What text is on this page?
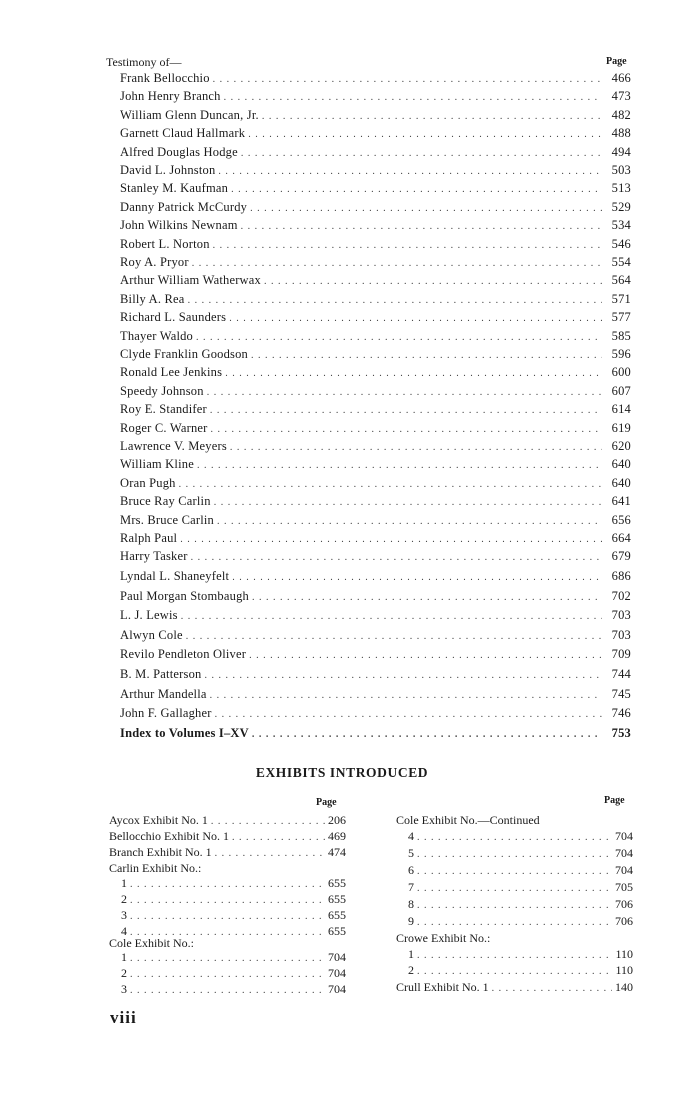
Testimony of—	Page
Frank Bellocchio . . .	466
John Henry Branch . . .	473
William Glenn Duncan, Jr. . . .	482
Garnett Claud Hallmark . . .	488
Alfred Douglas Hodge . . .	494
David L. Johnston . . .	503
Stanley M. Kaufman . . .	513
Danny Patrick McCurdy . . .	529
John Wilkins Newnam . . .	534
Robert L. Norton . . .	546
Roy A. Pryor . . .	554
Arthur William Watherwax . . .	564
Billy A. Rea . . .	571
Richard L. Saunders . . .	577
Thayer Waldo . . .	585
Clyde Franklin Goodson . . .	596
Ronald Lee Jenkins . . .	600
Speedy Johnson . . .	607
Roy E. Standifer . . .	614
Roger C. Warner . . .	619
Lawrence V. Meyers . . .	620
William Kline . . .	640
Oran Pugh . . .	640
Bruce Ray Carlin . . .	641
Mrs. Bruce Carlin . . .	656
Ralph Paul . . .	664
Harry Tasker . . .	679
Lyndal L. Shaneyfelt . . .	686
Paul Morgan Stombaugh . . .	702
L. J. Lewis . . .	703
Alwyn Cole . . .	703
Revilo Pendleton Oliver . . .	709
B. M. Patterson . . .	744
Arthur Mandella . . .	745
John F. Gallagher . . .	746
Index to Volumes I–XV . . .	753
EXHIBITS INTRODUCED
Page	Page
Aycox Exhibit No. 1 . . .	206
Bellocchio Exhibit No. 1 . . .	469
Branch Exhibit No. 1 . . .	474
Carlin Exhibit No.:
1 . . .	655
2 . . .	655
3 . . .	655
4 . . .	655
Cole Exhibit No.:
1 . . .	704
2 . . .	704
3 . . .	704
Cole Exhibit No.—Continued
4 . . .	704
5 . . .	704
6 . . .	704
7 . . .	705
8 . . .	706
9 . . .	706
Crowe Exhibit No.:
1 . . .	110
2 . . .	110
Crull Exhibit No. 1 . . .	140
viii
